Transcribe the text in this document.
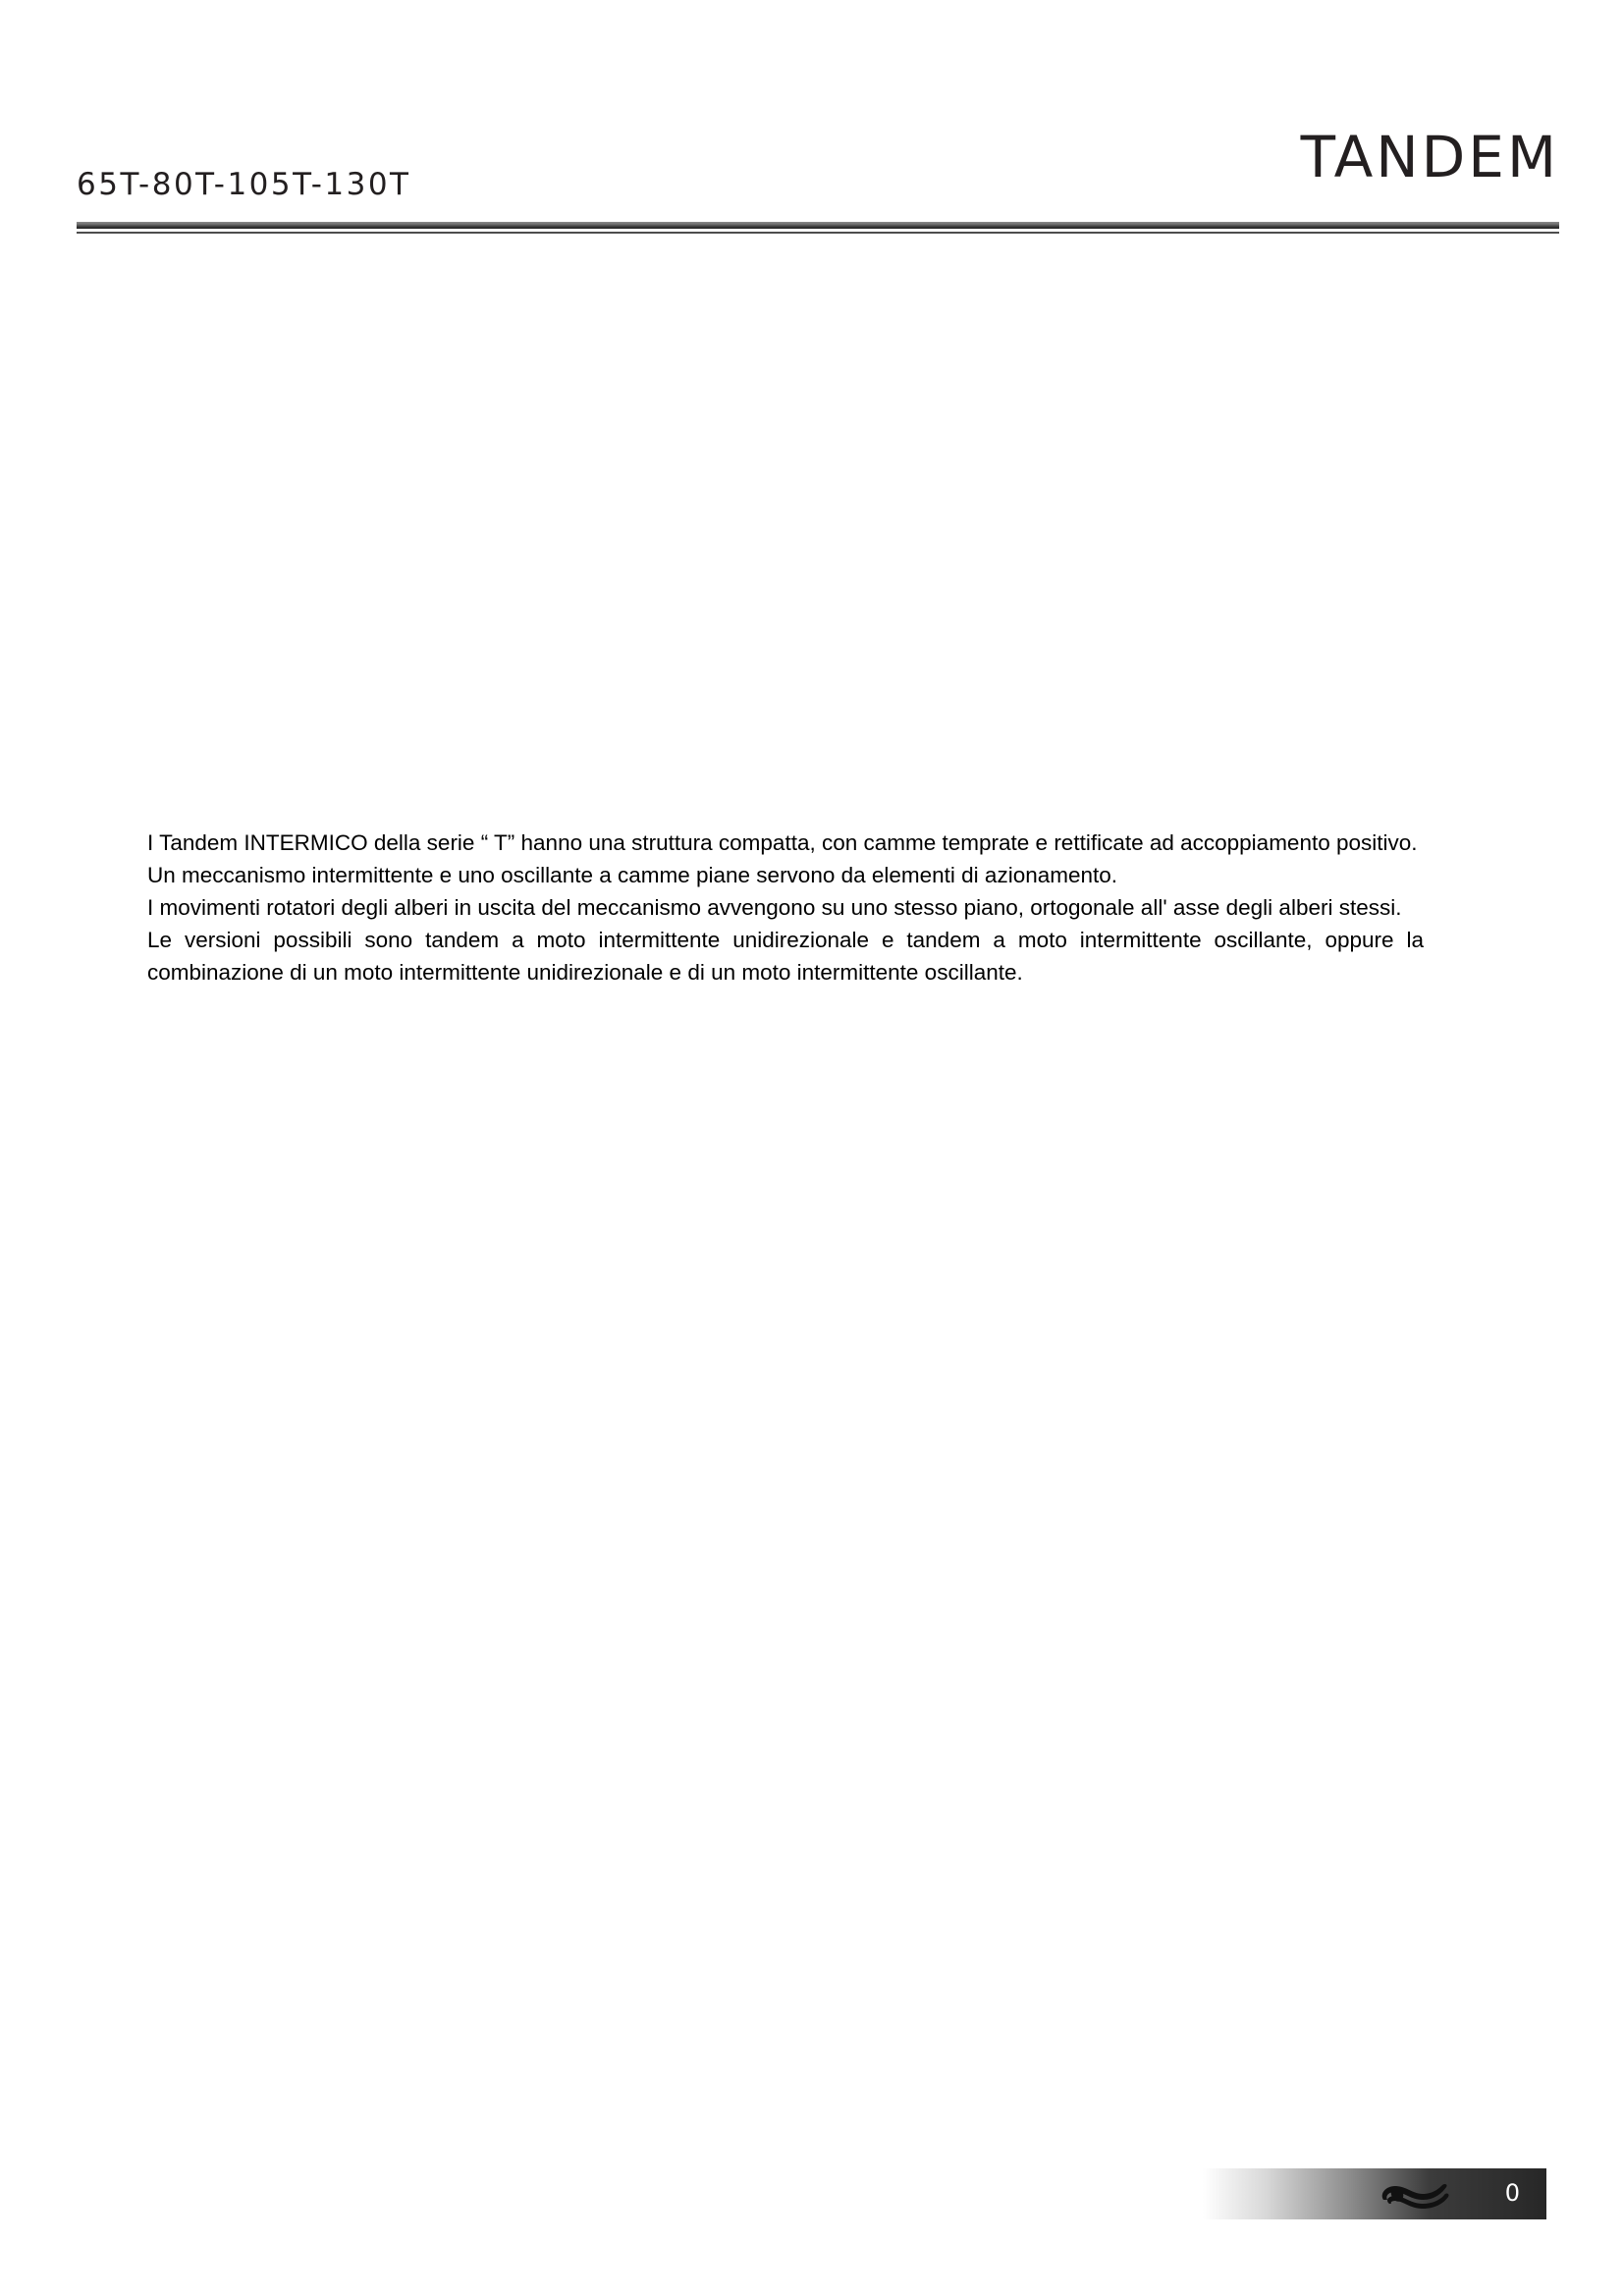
65T-80T-105T-130T	TANDEM

I Tandem INTERMICO della serie “ T” hanno una struttura compatta, con camme temprate e rettificate ad accoppiamento positivo.

Un meccanismo intermittente e uno oscillante a camme piane servono da elementi di azionamento.

I movimenti rotatori degli alberi in uscita del meccanismo avvengono su uno stesso piano, ortogonale all' asse degli alberi stessi.

Le versioni possibili sono tandem a moto intermittente unidirezionale e tandem a moto intermittente oscillante, oppure la combinazione di un moto intermittente unidirezionale e di un moto intermittente oscillante.

0
